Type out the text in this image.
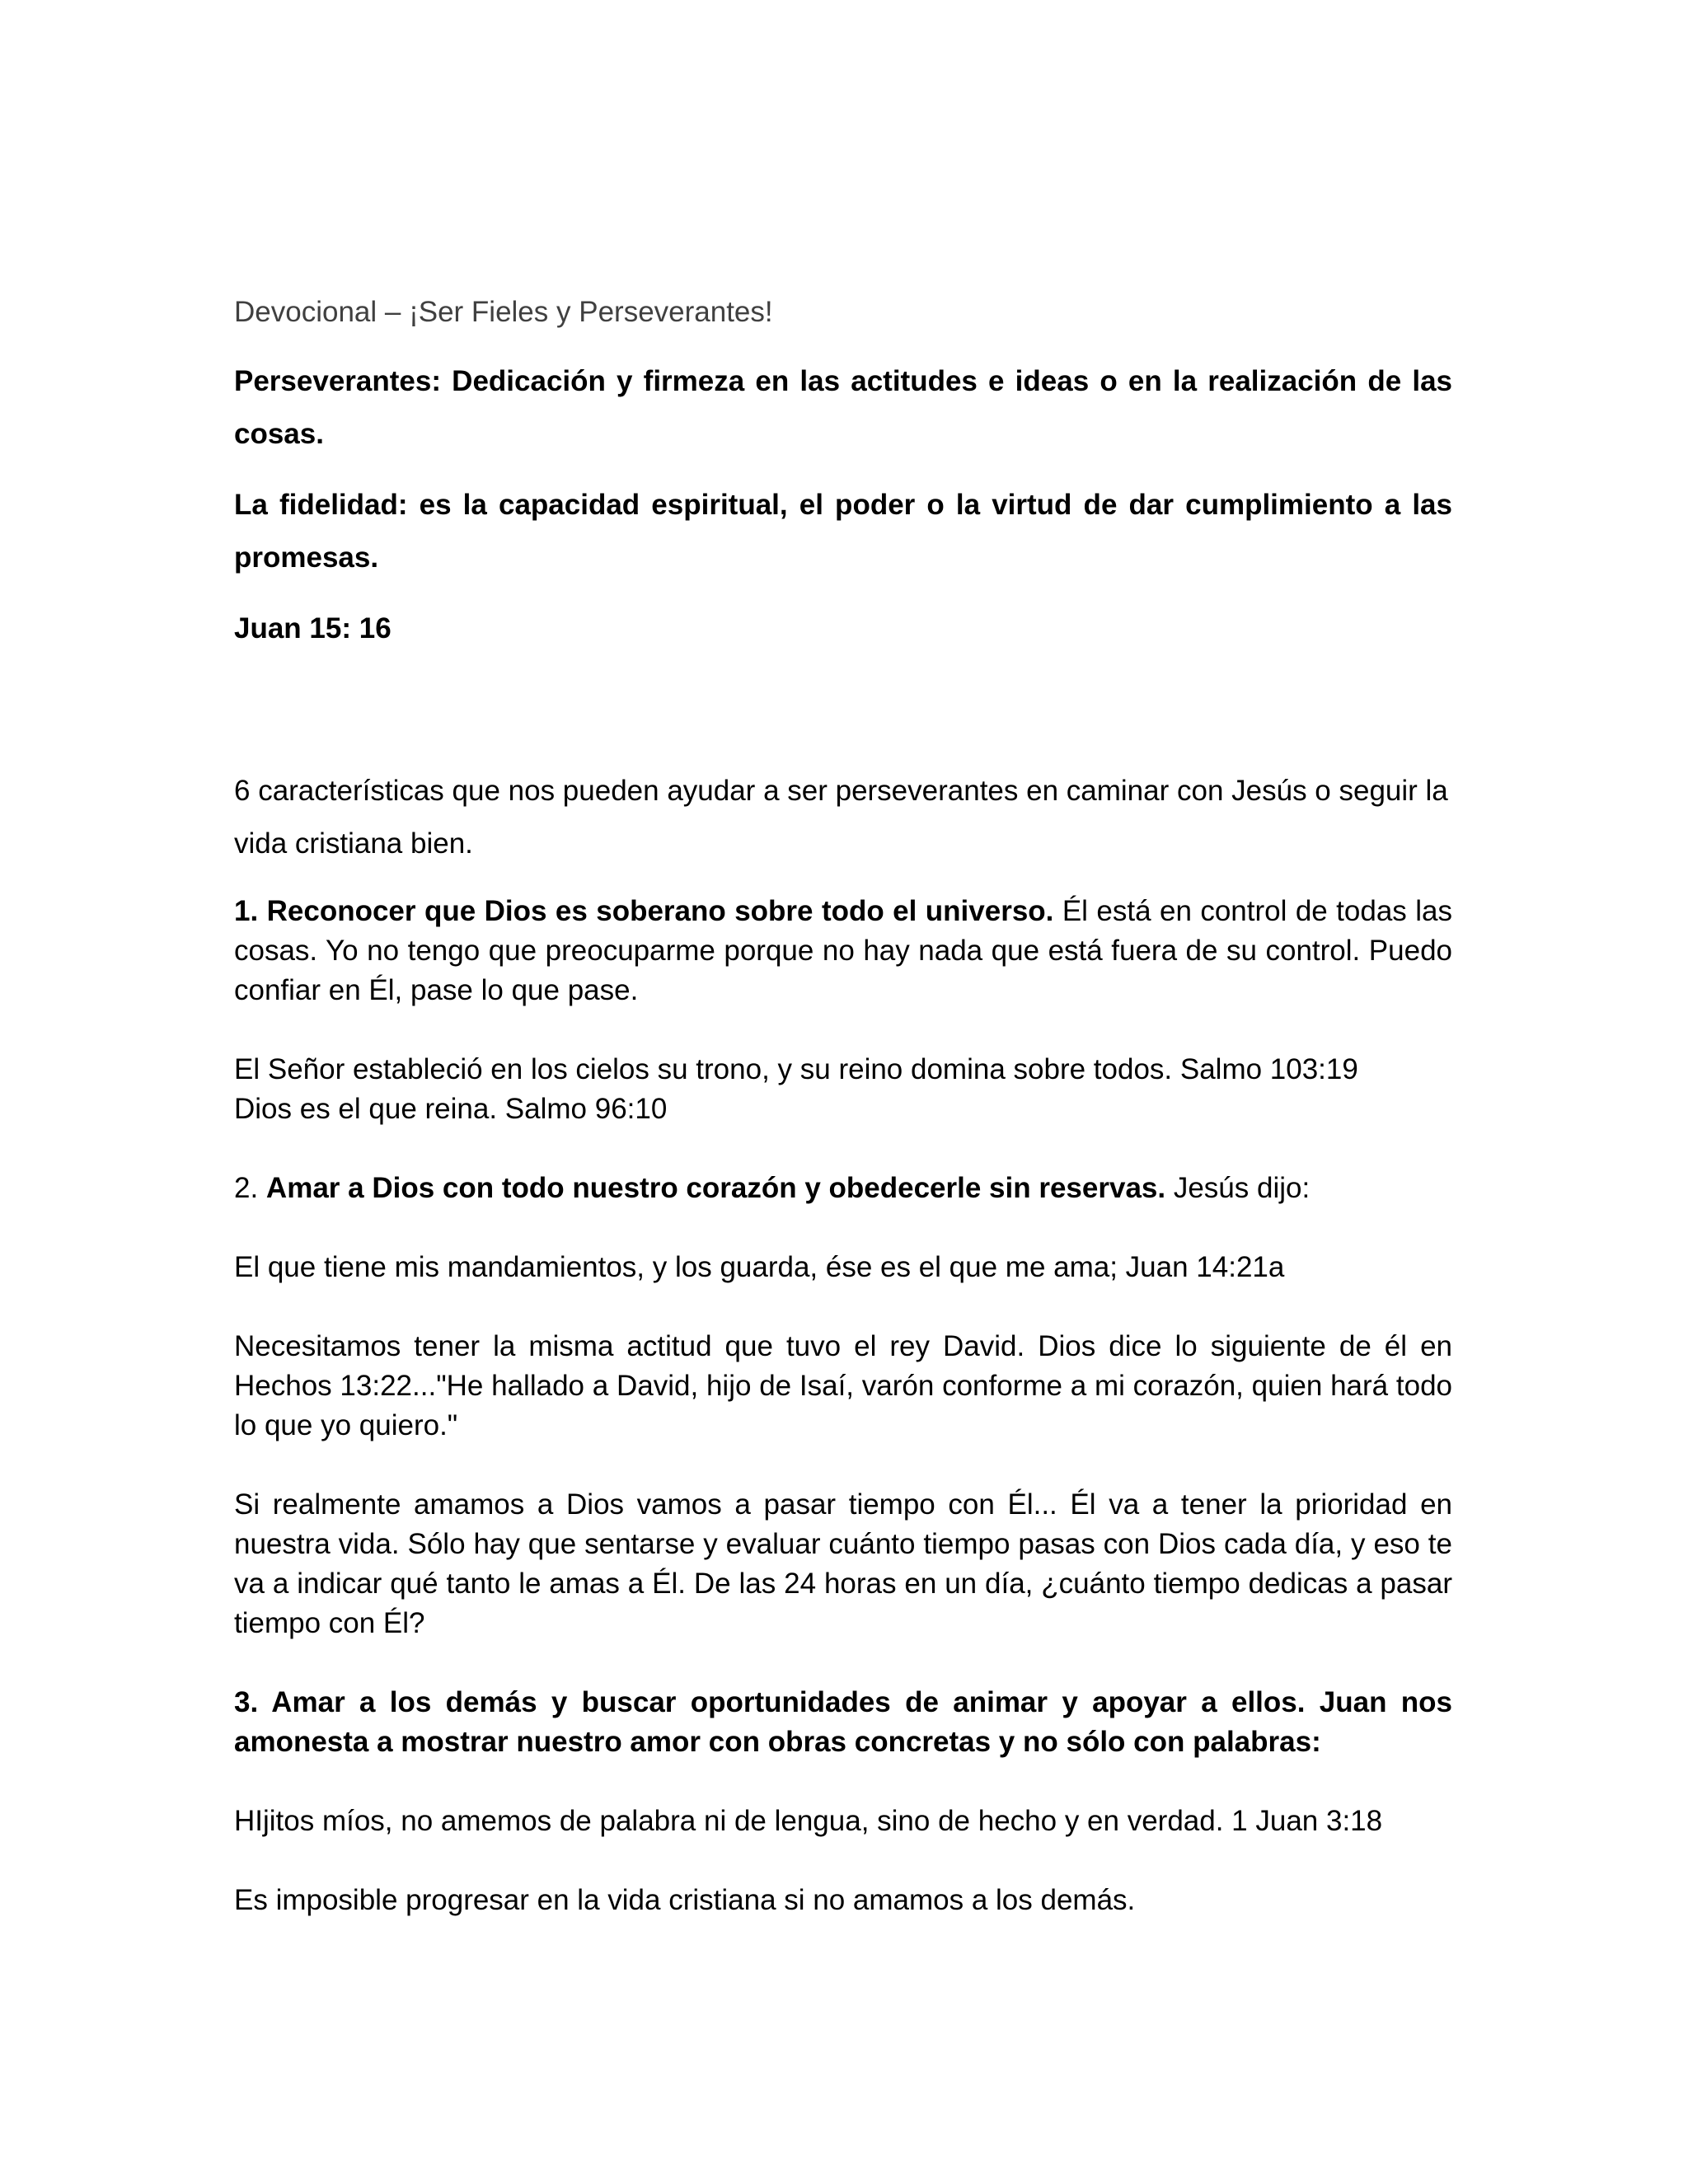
Devocional – ¡Ser Fieles y Perseverantes!

Perseverantes: Dedicación y firmeza en las actitudes e ideas o en la realización de las cosas.

La fidelidad: es la capacidad espiritual, el poder o la virtud de dar cumplimiento a las promesas.

Juan 15: 16

6 características que nos pueden ayudar a ser perseverantes en caminar con Jesús o seguir la vida cristiana bien.

1. Reconocer que Dios es soberano sobre todo el universo. Él está en control de todas las cosas. Yo no tengo que preocuparme porque no hay nada que está fuera de su control. Puedo confiar en Él, pase lo que pase.

El Señor estableció en los cielos su trono, y su reino domina sobre todos. Salmo 103:19
Dios es el que reina. Salmo 96:10

2. Amar a Dios con todo nuestro corazón y obedecerle sin reservas. Jesús dijo:

El que tiene mis mandamientos, y los guarda, ése es el que me ama; Juan 14:21a

Necesitamos tener la misma actitud que tuvo el rey David. Dios dice lo siguiente de él en Hechos 13:22..."He hallado a David, hijo de Isaí, varón conforme a mi corazón, quien hará todo lo que yo quiero."

Si realmente amamos a Dios vamos a pasar tiempo con Él... Él va a tener la prioridad en nuestra vida. Sólo hay que sentarse y evaluar cuánto tiempo pasas con Dios cada día, y eso te va a indicar qué tanto le amas a Él. De las 24 horas en un día, ¿cuánto tiempo dedicas a pasar tiempo con Él?

3. Amar a los demás y buscar oportunidades de animar y apoyar a ellos. Juan nos amonesta a mostrar nuestro amor con obras concretas y no sólo con palabras:

HIjitos míos, no amemos de palabra ni de lengua, sino de hecho y en verdad. 1 Juan 3:18

Es imposible progresar en la vida cristiana si no amamos a los demás.
